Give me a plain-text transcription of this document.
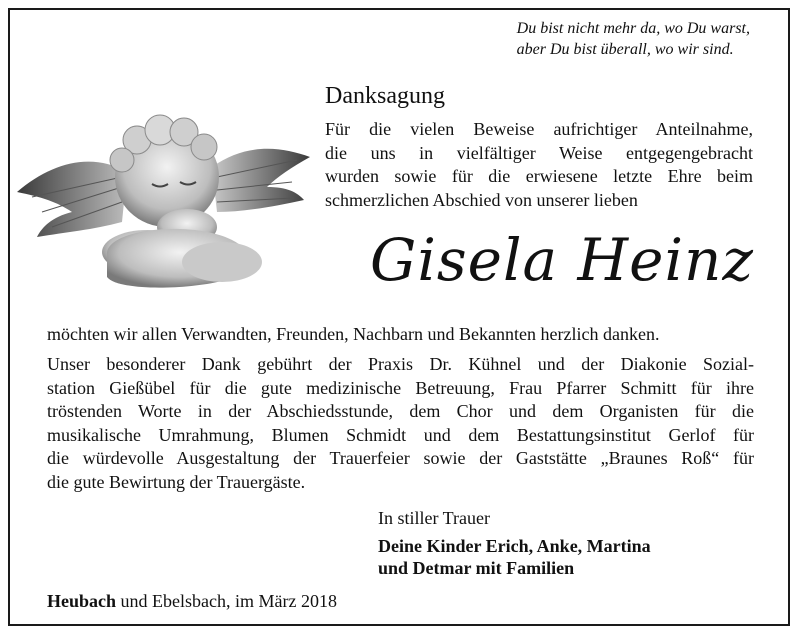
Du bist nicht mehr da, wo Du warst,
aber Du bist überall, wo wir sind.
Danksagung
Für die vielen Beweise aufrichtiger Anteilnahme,
die uns in vielfältiger Weise entgegengebracht
wurden sowie für die erwiesene letzte Ehre beim
schmerzlichen Abschied von unserer lieben
Gisela Heinz
möchten wir allen Verwandten, Freunden, Nachbarn und Bekannten herzlich danken.
Unser besonderer Dank gebührt der Praxis Dr. Kühnel und der Diakonie Sozial-
station Gießübel für die gute medizinische Betreuung, Frau Pfarrer Schmitt für ihre
tröstenden Worte in der Abschiedsstunde, dem Chor und dem Organisten für die
musikalische Umrahmung, Blumen Schmidt und dem Bestattungsinstitut Gerlof für
die würdevolle Ausgestaltung der Trauerfeier sowie der Gaststätte „Braunes Roß“ für
die gute Bewirtung der Trauergäste.
In stiller Trauer
Deine Kinder Erich, Anke, Martina
und Detmar mit Familien
Heubach und Ebelsbach, im März 2018
